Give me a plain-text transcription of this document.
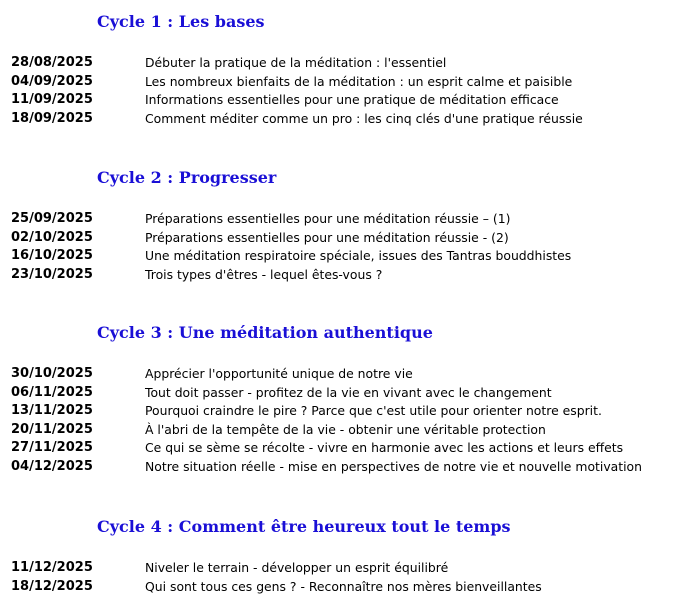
Cycle 1 : Les bases
28/08/2025	Débuter la pratique de la méditation : l'essentiel
04/09/2025	Les nombreux bienfaits de la méditation : un esprit calme et paisible
11/09/2025	Informations essentielles pour une pratique de méditation efficace
18/09/2025	Comment méditer comme un pro : les cinq clés d'une pratique réussie
Cycle 2 : Progresser
25/09/2025	Préparations essentielles pour une méditation réussie – (1)
02/10/2025	Préparations essentielles pour une méditation réussie - (2)
16/10/2025	Une méditation respiratoire spéciale, issues des Tantras bouddhistes
23/10/2025	Trois types d'êtres - lequel êtes-vous ?
Cycle 3 : Une méditation authentique
30/10/2025	Apprécier l'opportunité unique de notre vie
06/11/2025	Tout doit passer - profitez de la vie en vivant avec le changement
13/11/2025	Pourquoi craindre le pire ? Parce que c'est utile pour orienter notre esprit.
20/11/2025	À l'abri de la tempête de la vie - obtenir une véritable protection
27/11/2025	Ce qui se sème se récolte - vivre en harmonie avec les actions et leurs effets
04/12/2025	Notre situation réelle - mise en perspectives de notre vie et nouvelle motivation
Cycle 4 : Comment être heureux tout le temps
11/12/2025	Niveler le terrain - développer un esprit équilibré
18/12/2025	Qui sont tous ces gens ? - Reconnaître nos mères bienveillantes
